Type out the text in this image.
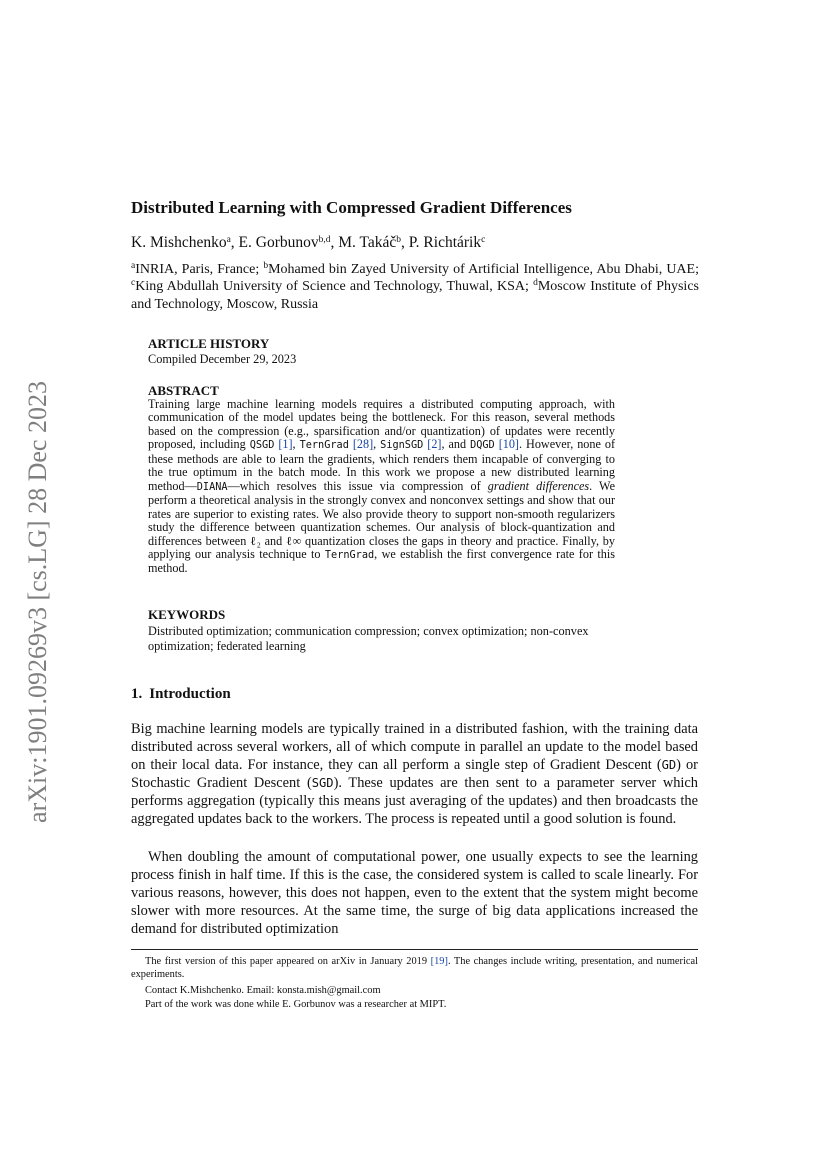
arXiv:1901.09269v3 [cs.LG] 28 Dec 2023
Distributed Learning with Compressed Gradient Differences
K. Mishchenko$^a$, E. Gorbunov$^{b,d}$, M. Takáč$^b$, P. Richtárik$^c$
$^a$INRIA, Paris, France; $^b$Mohamed bin Zayed University of Artificial Intelligence, Abu Dhabi, UAE; $^c$King Abdullah University of Science and Technology, Thuwal, KSA; $^d$Moscow Institute of Physics and Technology, Moscow, Russia
ARTICLE HISTORY
Compiled December 29, 2023
ABSTRACT
Training large machine learning models requires a distributed computing approach, with communication of the model updates being the bottleneck. For this reason, several methods based on the compression (e.g., sparsification and/or quantization) of updates were recently proposed, including QSGD [1], TernGrad [28], SignSGD [2], and DQGD [10]. However, none of these methods are able to learn the gradients, which renders them incapable of converging to the true optimum in the batch mode. In this work we propose a new distributed learning method—DIANA—which resolves this issue via compression of gradient differences. We perform a theoretical analysis in the strongly convex and nonconvex settings and show that our rates are superior to existing rates. We also provide theory to support non-smooth regularizers study the difference between quantization schemes. Our analysis of block-quantization and differences between ℓ₂ and ℓ∞ quantization closes the gaps in theory and practice. Finally, by applying our analysis technique to TernGrad, we establish the first convergence rate for this method.
KEYWORDS
Distributed optimization; communication compression; convex optimization; non-convex optimization; federated learning
1. Introduction
Big machine learning models are typically trained in a distributed fashion, with the training data distributed across several workers, all of which compute in parallel an update to the model based on their local data. For instance, they can all perform a single step of Gradient Descent (GD) or Stochastic Gradient Descent (SGD). These updates are then sent to a parameter server which performs aggregation (typically this means just averaging of the updates) and then broadcasts the aggregated updates back to the workers. The process is repeated until a good solution is found.
When doubling the amount of computational power, one usually expects to see the learning process finish in half time. If this is the case, the considered system is called to scale linearly. For various reasons, however, this does not happen, even to the extent that the system might become slower with more resources. At the same time, the surge of big data applications increased the demand for distributed optimization
The first version of this paper appeared on arXiv in January 2019 [19]. The changes include writing, presentation, and numerical experiments.
Contact K.Mishchenko. Email: konsta.mish@gmail.com
Part of the work was done while E. Gorbunov was a researcher at MIPT.
